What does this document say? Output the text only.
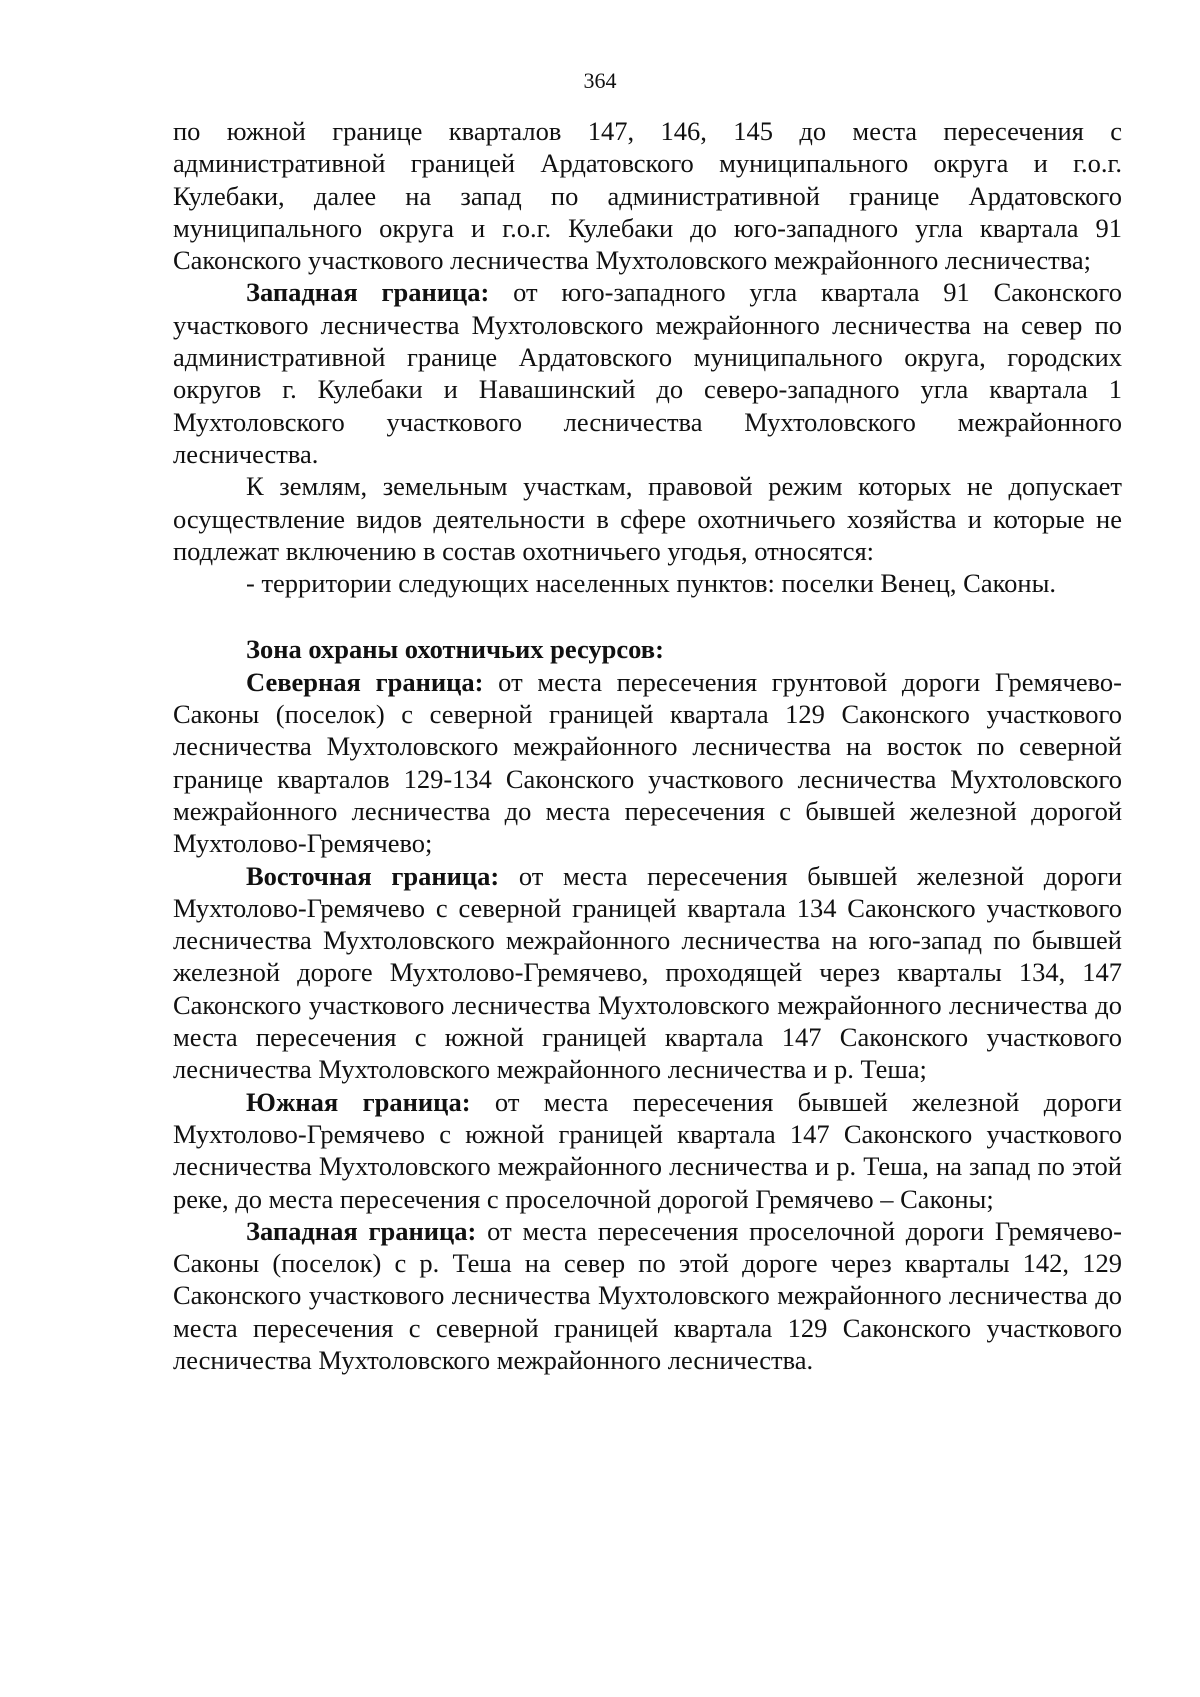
364

по южной границе кварталов 147, 146, 145 до места пересечения с административной границей Ардатовского муниципального округа и г.о.г. Кулебаки, далее на запад по административной границе Ардатовского муниципального округа и г.о.г. Кулебаки до юго-западного угла квартала 91 Саконского участкового лесничества Мухтоловского межрайонного лесничества;

Западная граница: от юго-западного угла квартала 91 Саконского участкового лесничества Мухтоловского межрайонного лесничества на север по административной границе Ардатовского муниципального округа, городских округов г. Кулебаки и Навашинский до северо-западного угла квартала 1 Мухтоловского участкового лесничества Мухтоловского межрайонного лесничества.

К землям, земельным участкам, правовой режим которых не допускает осуществление видов деятельности в сфере охотничьего хозяйства и которые не подлежат включению в состав охотничьего угодья, относятся:

- территории следующих населенных пунктов: поселки Венец, Саконы.

Зона охраны охотничьих ресурсов:

Северная граница: от места пересечения грунтовой дороги Гремячево-Саконы (поселок) с северной границей квартала 129 Саконского участкового лесничества Мухтоловского межрайонного лесничества на восток по северной границе кварталов 129-134 Саконского участкового лесничества Мухтоловского межрайонного лесничества до места пересечения с бывшей железной дорогой Мухтолово-Гремячево;

Восточная граница: от места пересечения бывшей железной дороги Мухтолово-Гремячево с северной границей квартала 134 Саконского участкового лесничества Мухтоловского межрайонного лесничества на юго-запад по бывшей железной дороге Мухтолово-Гремячево, проходящей через кварталы 134, 147 Саконского участкового лесничества Мухтоловского межрайонного лесничества до места пересечения с южной границей квартала 147 Саконского участкового лесничества Мухтоловского межрайонного лесничества и р. Теша;

Южная граница: от места пересечения бывшей железной дороги Мухтолово-Гремячево с южной границей квартала 147 Саконского участкового лесничества Мухтоловского межрайонного лесничества и р. Теша, на запад по этой реке, до места пересечения с проселочной дорогой Гремячево – Саконы;

Западная граница: от места пересечения проселочной дороги Гремячево-Саконы (поселок) с р. Теша на север по этой дороге через кварталы 142, 129 Саконского участкового лесничества Мухтоловского межрайонного лесничества до места пересечения с северной границей квартала 129 Саконского участкового лесничества Мухтоловского межрайонного лесничества.
